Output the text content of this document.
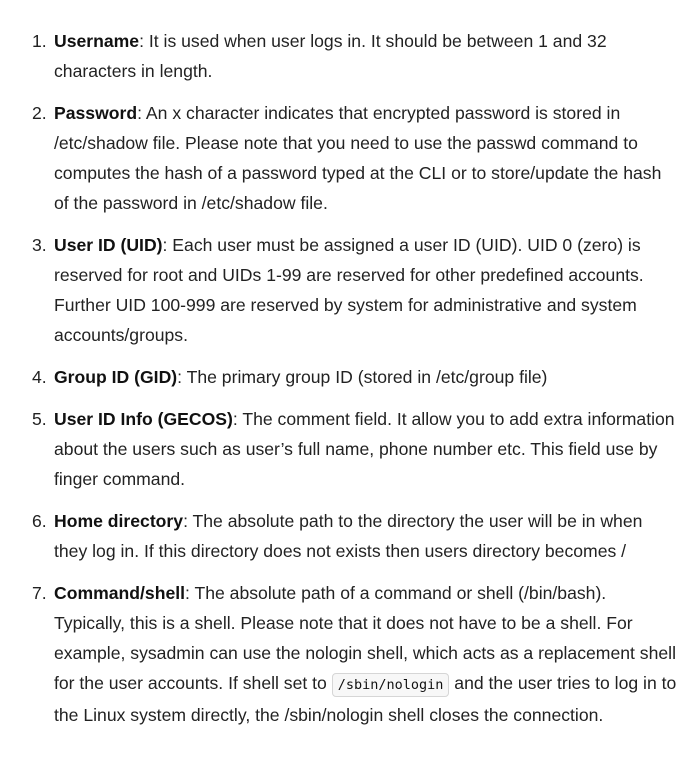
1. Username: It is used when user logs in. It should be between 1 and 32 characters in length.
2. Password: An x character indicates that encrypted password is stored in /etc/shadow file. Please note that you need to use the passwd command to computes the hash of a password typed at the CLI or to store/update the hash of the password in /etc/shadow file.
3. User ID (UID): Each user must be assigned a user ID (UID). UID 0 (zero) is reserved for root and UIDs 1-99 are reserved for other predefined accounts. Further UID 100-999 are reserved by system for administrative and system accounts/groups.
4. Group ID (GID): The primary group ID (stored in /etc/group file)
5. User ID Info (GECOS): The comment field. It allow you to add extra information about the users such as user’s full name, phone number etc. This field use by finger command.
6. Home directory: The absolute path to the directory the user will be in when they log in. If this directory does not exists then users directory becomes /
7. Command/shell: The absolute path of a command or shell (/bin/bash). Typically, this is a shell. Please note that it does not have to be a shell. For example, sysadmin can use the nologin shell, which acts as a replacement shell for the user accounts. If shell set to /sbin/nologin and the user tries to log in to the Linux system directly, the /sbin/nologin shell closes the connection.
